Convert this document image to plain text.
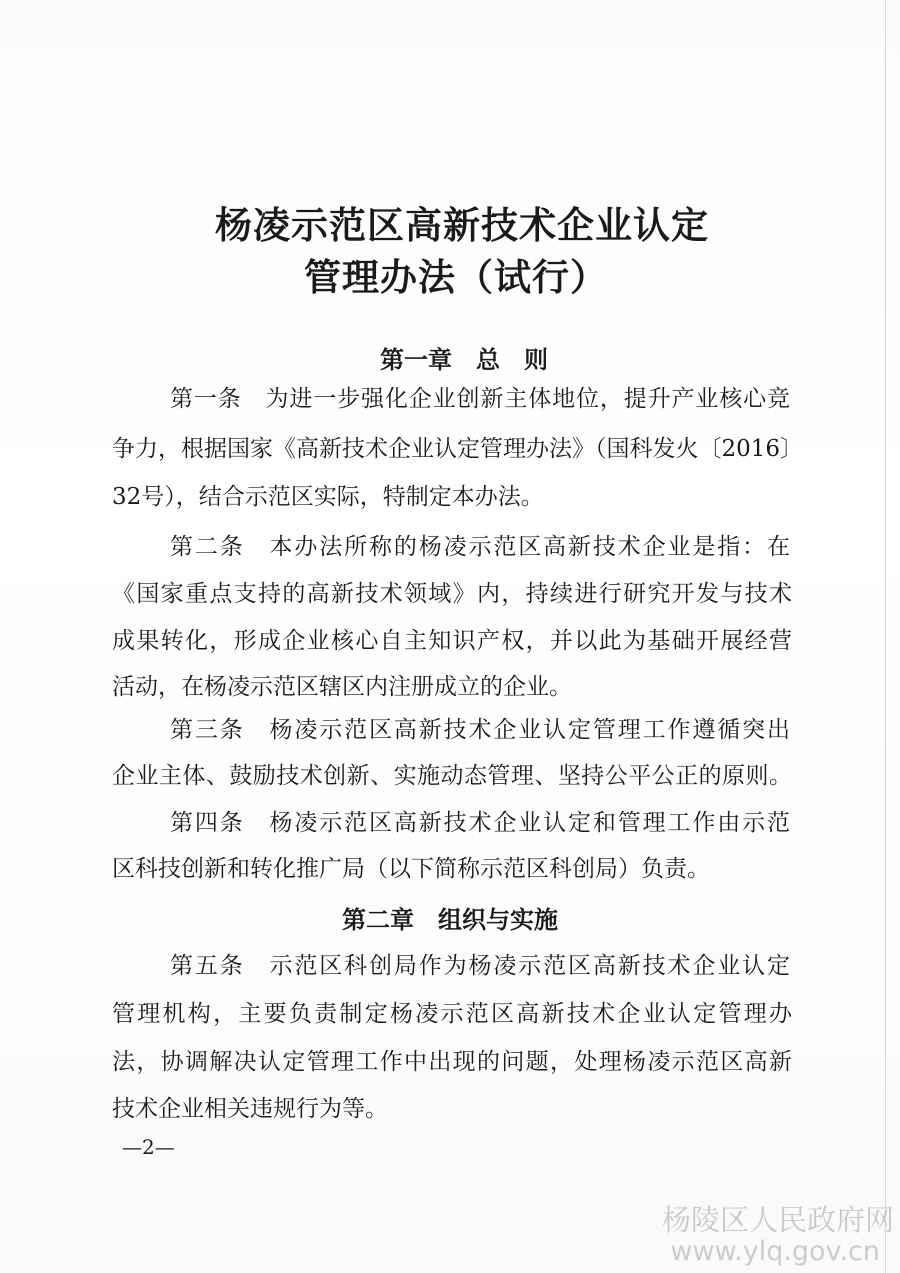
杨凌示范区高新技术企业认定
管理办法（试行）
第一章　总　则
第一条　为进一步强化企业创新主体地位，提升产业核心竞
争力，根据国家《高新技术企业认定管理办法》（国科发火〔2016〕
32号），结合示范区实际，特制定本办法。
第二条　本办法所称的杨凌示范区高新技术企业是指：在
《国家重点支持的高新技术领域》内，持续进行研究开发与技术
成果转化，形成企业核心自主知识产权，并以此为基础开展经营
活动，在杨凌示范区辖区内注册成立的企业。
第三条　杨凌示范区高新技术企业认定管理工作遵循突出
企业主体、鼓励技术创新、实施动态管理、坚持公平公正的原则。
第四条　杨凌示范区高新技术企业认定和管理工作由示范
区科技创新和转化推广局（以下简称示范区科创局）负责。
第二章　组织与实施
第五条　示范区科创局作为杨凌示范区高新技术企业认定
管理机构，主要负责制定杨凌示范区高新技术企业认定管理办
法，协调解决认定管理工作中出现的问题，处理杨凌示范区高新
技术企业相关违规行为等。
—2—
杨陵区人民政府网
www.ylq.gov.cn
